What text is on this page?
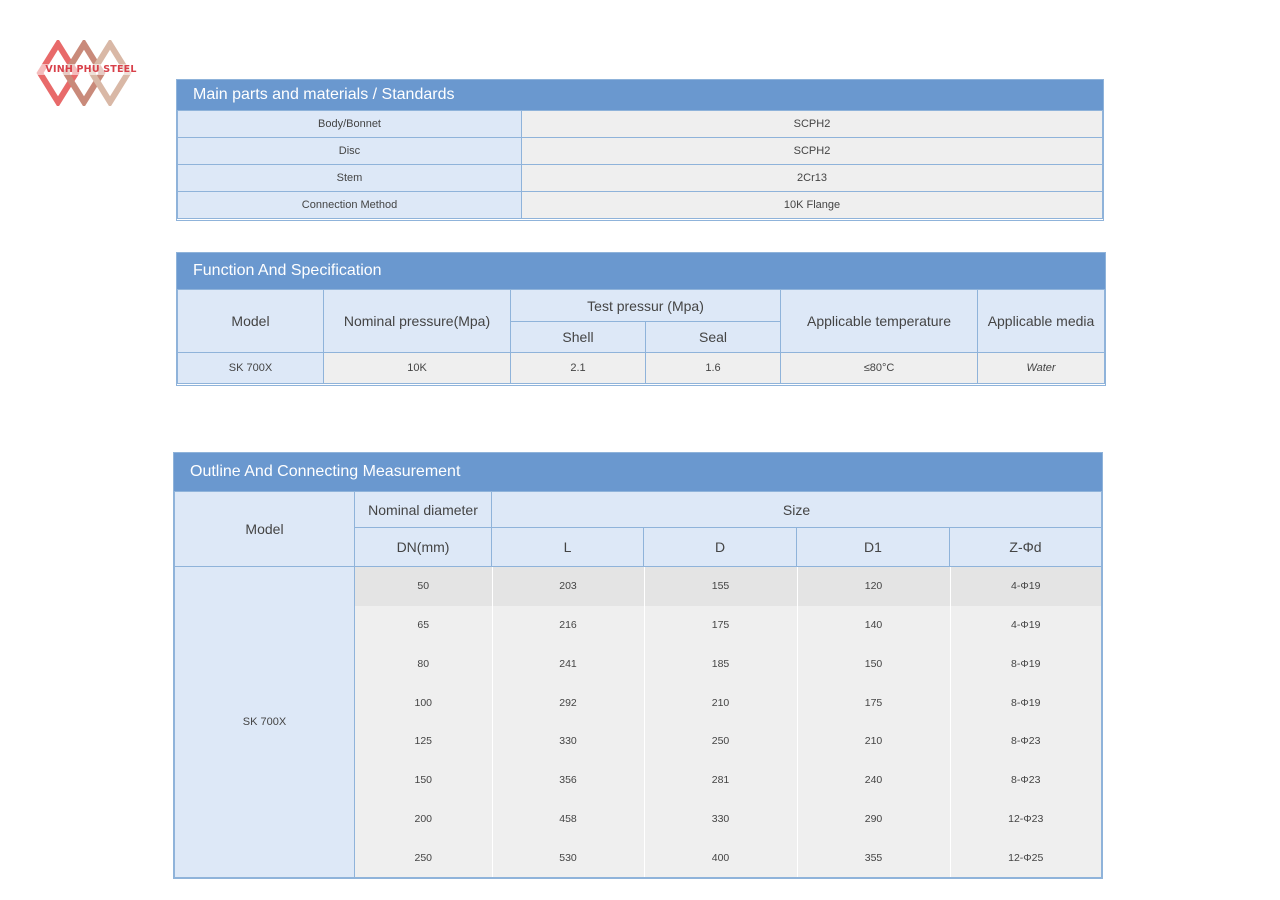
VINH PHU STEEL
Main parts and materials / Standards
Body/Bonnet	SCPH2
Disc	SCPH2
Stem	2Cr13
Connection Method	10K Flange
Function And Specification
Model	Nominal pressure(Mpa)	Test pressur (Mpa)		Applicable temperature	Applicable media
		Shell	Seal		
SK 700X	10K	2.1	1.6	≤80°C	Water
Outline And Connecting Measurement
Model	Nominal diameter	Size
DN(mm)	L	D	D1	Z-Φd
SK 700X	
50	203	155	120	4-Φ19
65	216	175	140	4-Φ19
80	241	185	150	8-Φ19
100	292	210	175	8-Φ19
125	330	250	210	8-Φ23
150	356	281	240	8-Φ23
200	458	330	290	12-Φ23
250	530	400	355	12-Φ25
